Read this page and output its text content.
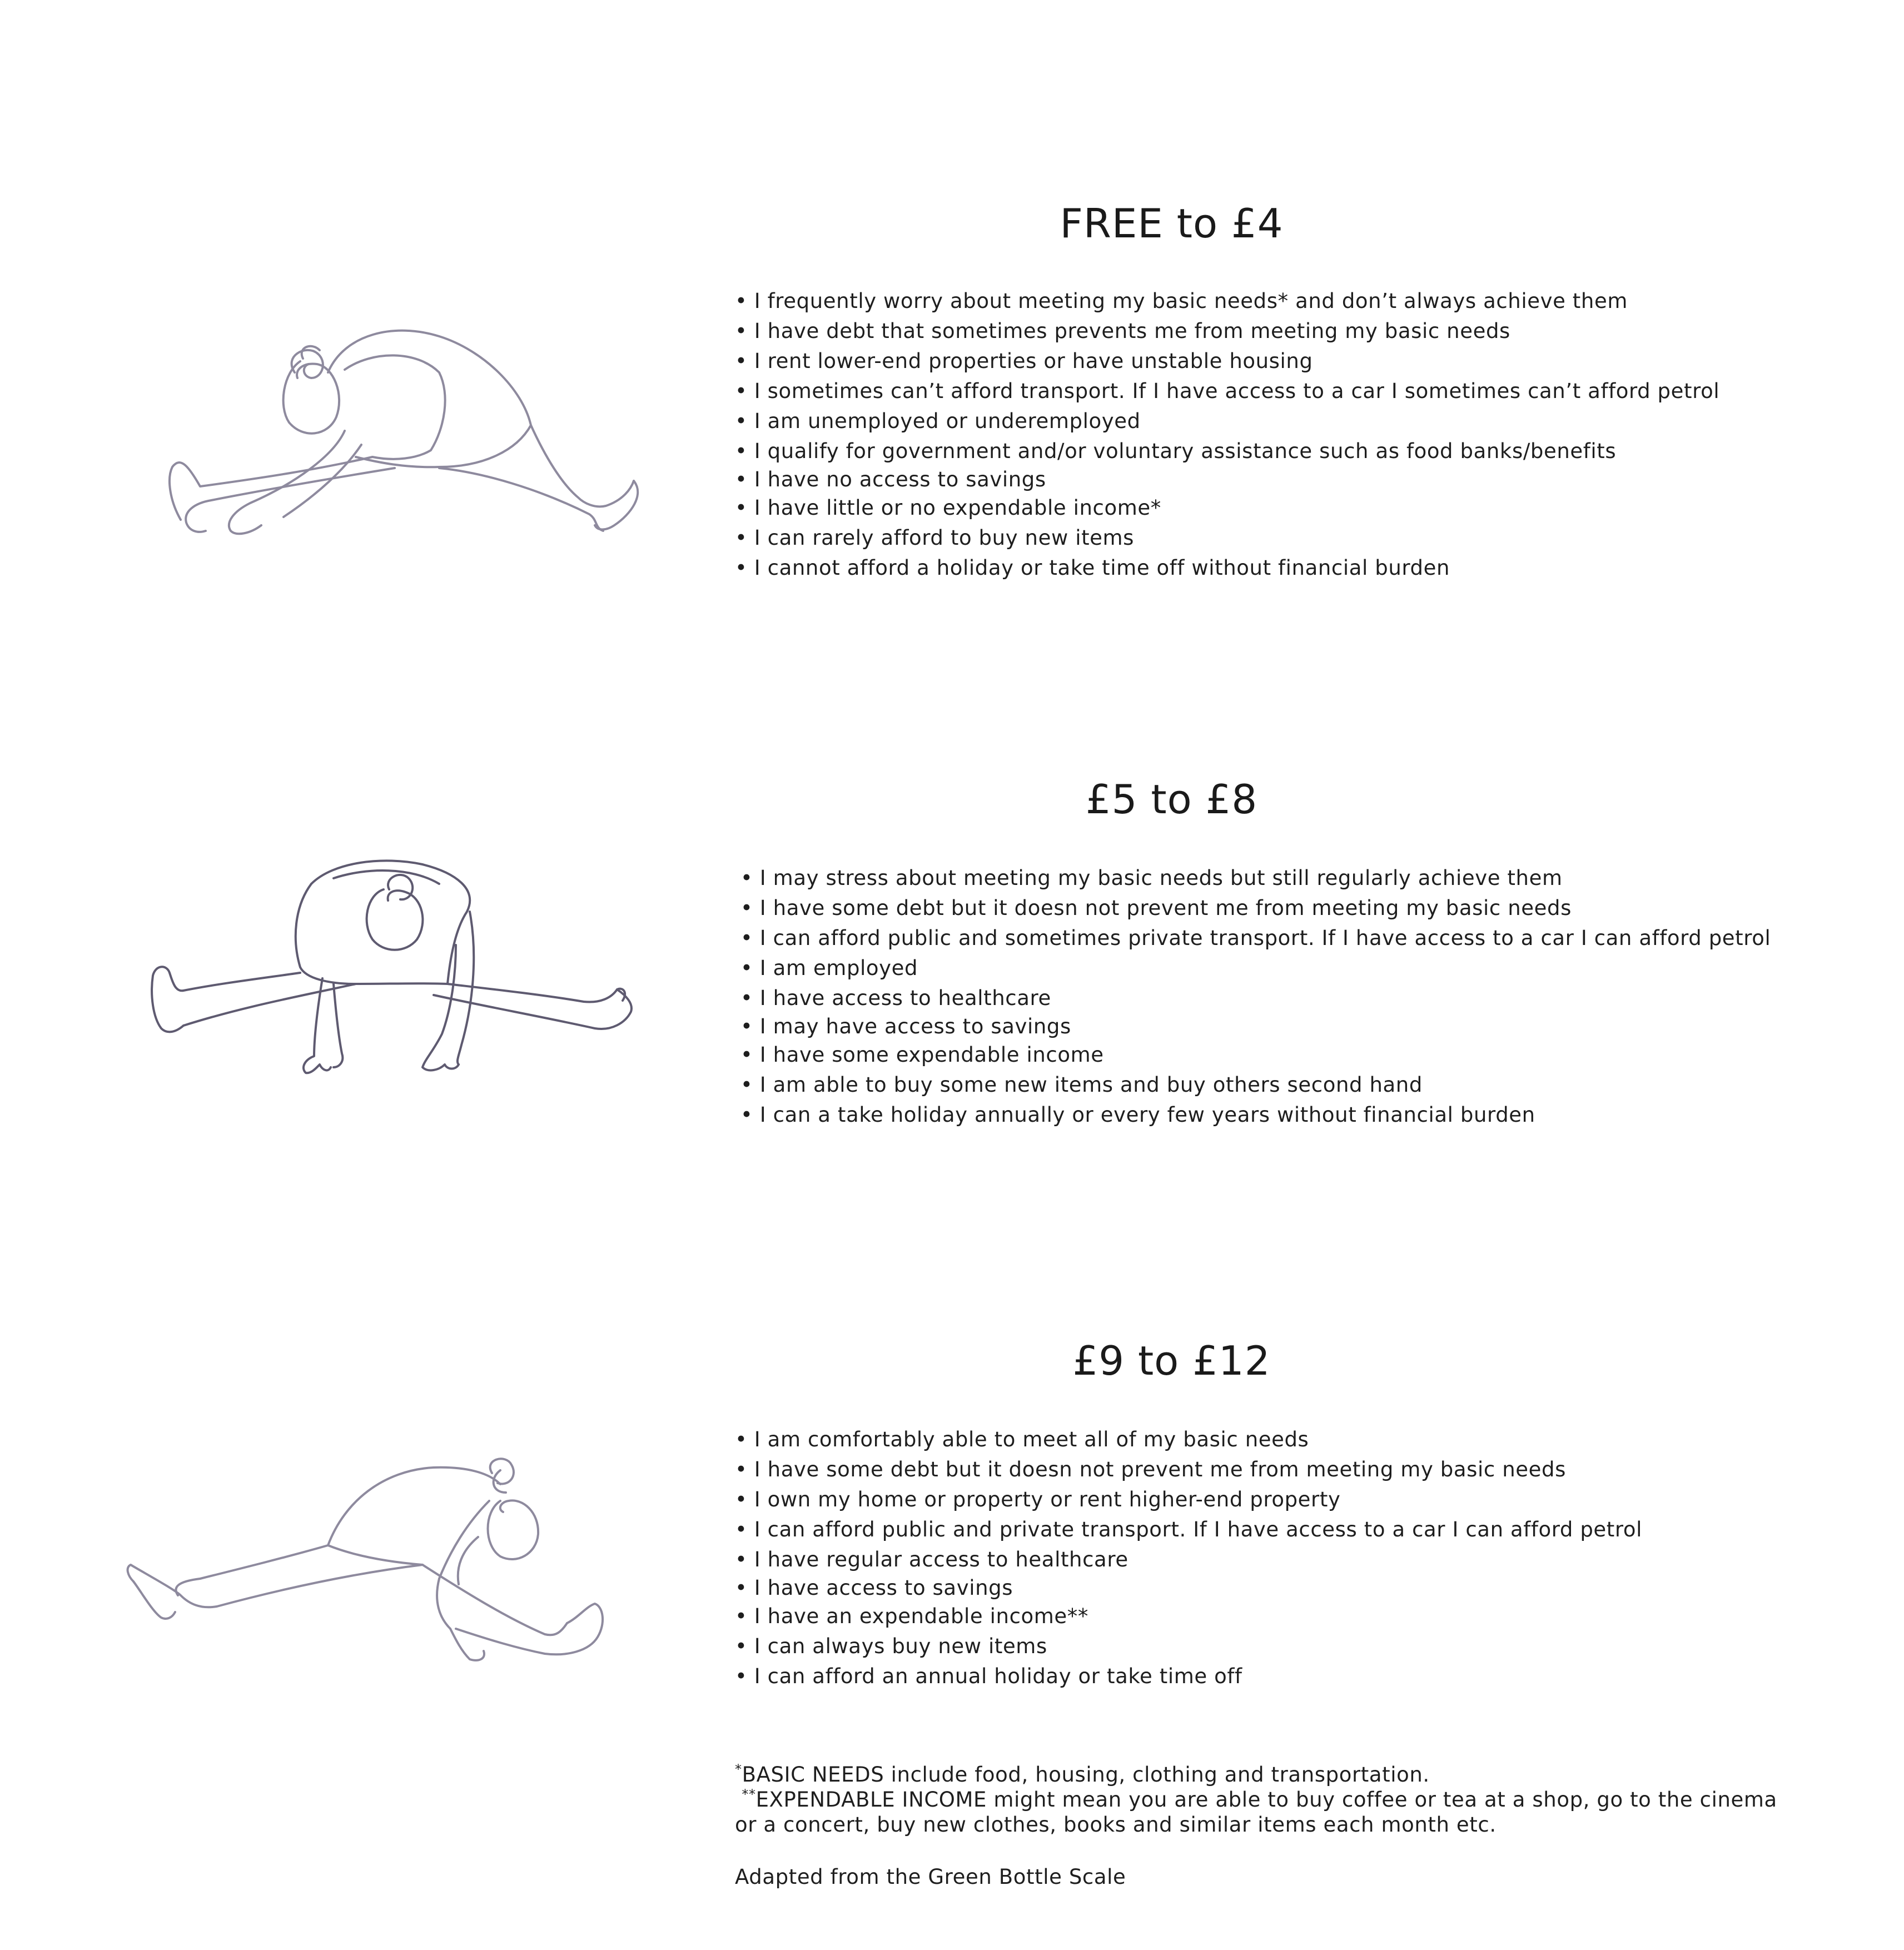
FREE to £4
• I frequently worry about meeting my basic needs* and don’t always achieve them
• I have debt that sometimes prevents me from meeting my basic needs
• I rent lower-end properties or have unstable housing
• I sometimes can’t afford transport. If I have access to a car I sometimes can’t afford petrol
• I am unemployed or underemployed
• I qualify for government and/or voluntary assistance such as food banks/benefits
• I have no access to savings
• I have little or no expendable income*
• I can rarely afford to buy new items
• I cannot afford a holiday or take time off without financial burden
£5 to £8
• I may stress about meeting my basic needs but still regularly achieve them
• I have some debt but it doesn not prevent me from meeting my basic needs
• I can afford public and sometimes private transport. If I have access to a car I can afford petrol
• I am employed
• I have access to healthcare
• I may have access to savings
• I have some expendable income
• I am able to buy some new items and buy others second hand
• I can a take holiday annually or every few years without financial burden
£9 to £12
• I am comfortably able to meet all of my basic needs
• I have some debt but it doesn not prevent me from meeting my basic needs
• I own my home or property or rent higher-end property
• I can afford public and private transport. If I have access to a car I can afford petrol
• I have regular access to healthcare
• I have access to savings
• I have an expendable income**
• I can always buy new items
• I can afford an annual holiday or take time off

*BASIC NEEDS include food, housing, clothing and transportation.

**EXPENDABLE INCOME might mean you are able to buy coffee or tea at a shop, go to the cinema

or a concert, buy new clothes, books and similar items each month etc.

Adapted from the Green Bottle Scale
